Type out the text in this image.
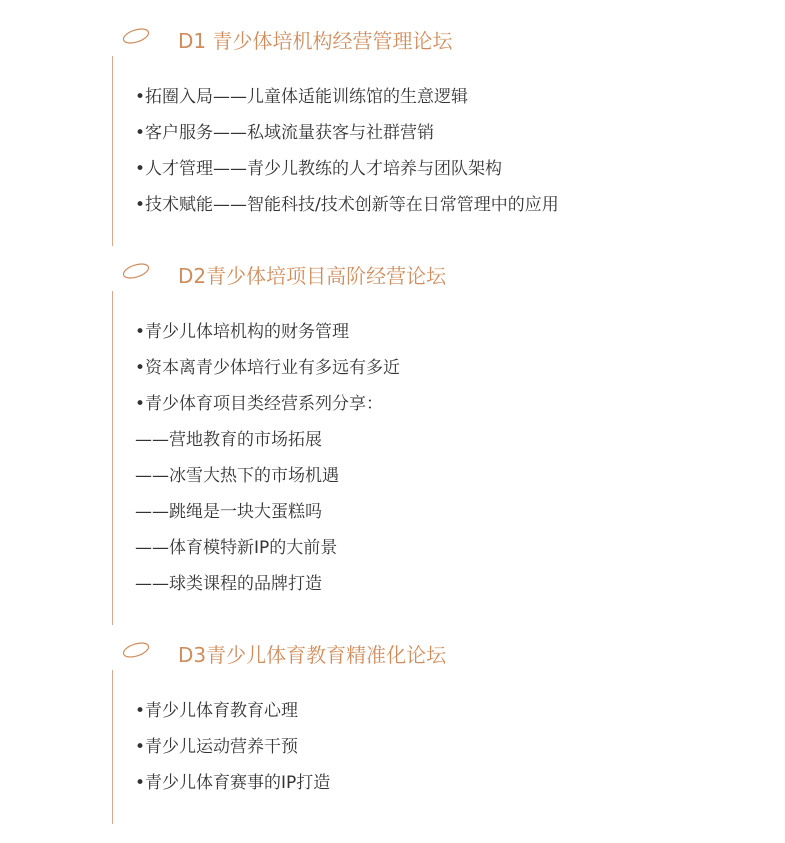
D1 青少体培机构经营管理论坛
•拓圈入局——儿童体适能训练馆的生意逻辑
•客户服务——私域流量获客与社群营销
•人才管理——青少儿教练的人才培养与团队架构
•技术赋能——智能科技/技术创新等在日常管理中的应用
D2青少体培项目高阶经营论坛
•青少儿体培机构的财务管理
•资本离青少体培行业有多远有多近
•青少体育项目类经营系列分享：
——营地教育的市场拓展
——冰雪大热下的市场机遇
——跳绳是一块大蛋糕吗
——体育模特新IP的大前景
——球类课程的品牌打造
D3青少儿体育教育精准化论坛
•青少儿体育教育心理
•青少儿运动营养干预
•青少儿体育赛事的IP打造
